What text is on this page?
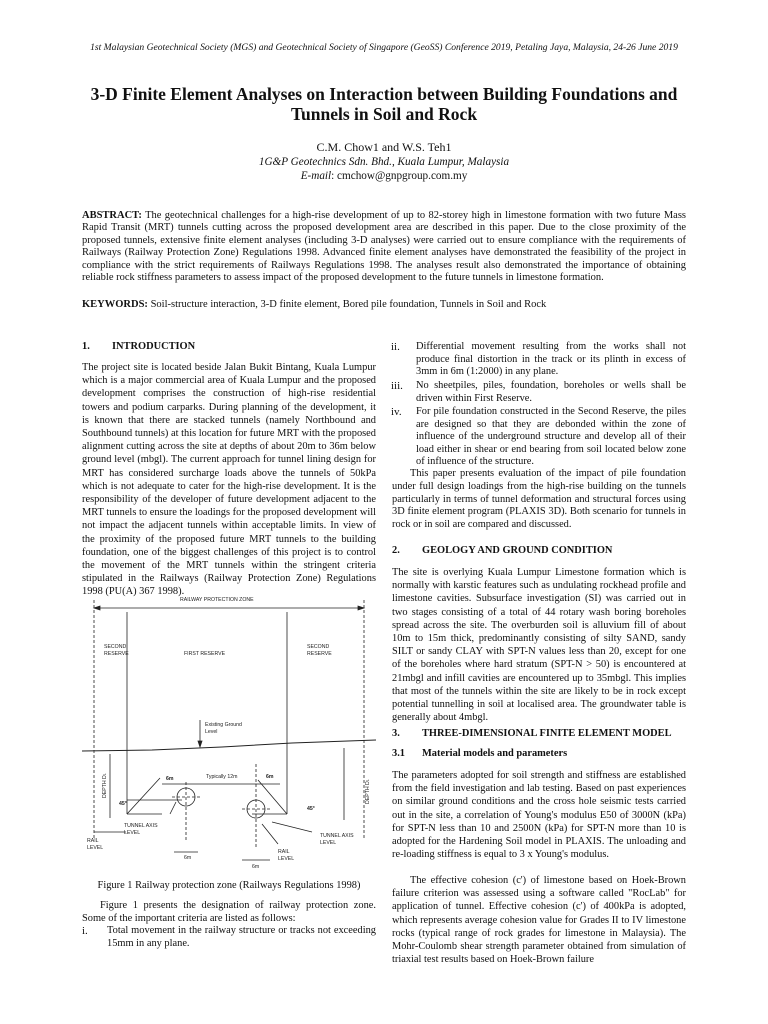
1st Malaysian Geotechnical Society (MGS) and Geotechnical Society of Singapore (GeoSS) Conference 2019, Petaling Jaya, Malaysia, 24-26 June 2019
3-D Finite Element Analyses on Interaction between Building Foundations and Tunnels in Soil and Rock
C.M. Chow1 and W.S. Teh1
1G&P Geotechnics Sdn. Bhd., Kuala Lumpur, Malaysia
E-mail: cmchow@gnpgroup.com.my
ABSTRACT: The geotechnical challenges for a high-rise development of up to 82-storey high in limestone formation with two future Mass Rapid Transit (MRT) tunnels cutting across the proposed development area are described in this paper. Due to the close proximity of the proposed tunnels, extensive finite element analyses (including 3-D analyses) were carried out to ensure compliance with the requirements of Railways (Railway Protection Zone) Regulations 1998. Advanced finite element analyses have demonstrated the feasibility of the project in compliance with the strict requirements of Railways Regulations 1998. The analyses result also demonstrated the importance of obtaining reliable rock stiffness parameters to assess impact of the proposed development to the future tunnels in limestone formation.
KEYWORDS: Soil-structure interaction, 3-D finite element, Bored pile foundation, Tunnels in Soil and Rock
1. INTRODUCTION
The project site is located beside Jalan Bukit Bintang, Kuala Lumpur which is a major commercial area of Kuala Lumpur and the proposed development comprises the construction of high-rise residential towers and podium carparks. During planning of the development, it is known that there are stacked tunnels (namely Northbound and Southbound tunnels) at this location for future MRT with the proposed alignment cutting across the site at depths of about 20m to 36m below ground level (mbgl). The current approach for tunnel lining design for MRT has considered surcharge loads above the tunnels of 50kPa which is not adequate to cater for the high-rise development. It is the responsibility of the developer of future development adjacent to the MRT tunnels to ensure the loadings for the proposed development will not impact the adjacent tunnels within acceptable limits. In view of the proximity of the proposed future MRT tunnels to the building foundation, one of the biggest challenges of this project is to control the movement of the MRT tunnels within the stringent criteria stipulated in the Railways (Railway Protection Zone) Regulations 1998 (PU(A) 367 1998).
RAILWAY PROTECTION ZONE
SECOND
RESERVE	FIRST RESERVE
SECOND
RESERVE
Existing Ground
Level
Typically 12m
6m	6m
45°
45°
DEPTH D1
DEPTH D1
TUNNEL AXIS
LEVEL	TUNNEL AXIS
LEVEL
RAIL
LEVEL
RAIL
LEVEL
6m
6m
Figure 1 Railway protection zone (Railways Regulations 1998)
Figure 1 presents the designation of railway protection zone. Some of the important criteria are listed as follows:
i. Total movement in the railway structure or tracks not exceeding 15mm in any plane.
ii. Differential movement resulting from the works shall not produce final distortion in the track or its plinth in excess of 3mm in 6m (1:2000) in any plane.
iii. No sheetpiles, piles, foundation, boreholes or wells shall be driven within First Reserve.
iv. For pile foundation constructed in the Second Reserve, the piles are designed so that they are debonded within the zone of influence of the underground structure and develop all of their load either in shear or end bearing from soil located below zone of influence of the structure.
This paper presents evaluation of the impact of pile foundation under full design loadings from the high-rise building on the tunnels particularly in terms of tunnel deformation and structural forces using 3D finite element program (PLAXIS 3D). Both scenario for tunnels in rock or in soil are compared and discussed.
2. GEOLOGY AND GROUND CONDITION
The site is overlying Kuala Lumpur Limestone formation which is normally with karstic features such as undulating rockhead profile and limestone cavities. Subsurface investigation (SI) was carried out in two stages consisting of a total of 44 rotary wash boring boreholes spread across the site. The overburden soil is alluvium fill of about 10m to 15m thick, predominantly consisting of silty SAND, sandy SILT or sandy CLAY with SPT-N values less than 20, except for one of the boreholes where hard stratum (SPT-N > 50) is encountered at 21mbgl and infill cavities are encountered up to 35mbgl. This implies that most of the tunnels within the site are likely to be in rock except potential tunnelling in soil at localised area. The groundwater table is generally about 4mbgl.
3. THREE-DIMENSIONAL FINITE ELEMENT MODEL
3.1 Material models and parameters
The parameters adopted for soil strength and stiffness are established from the field investigation and lab testing. Based on past experiences on similar ground conditions and the cross hole seismic tests carried out in the site, a correlation of Young's modulus E50 of 3000N (kPa) for SPT-N less than 10 and 2500N (kPa) for SPT-N more than 10 is adopted for the Hardening Soil model in PLAXIS. The unloading and re-loading stiffness is equal to 3 x Young's modulus.
The effective cohesion (c') of limestone based on Hoek-Brown failure criterion was assessed using a software called "RocLab" for application of tunnel. Effective cohesion (c') of 400kPa is adopted, which represents average cohesion value for Grades II to IV limestone rocks (typical range of rock grades for limestone in Malaysia). The Mohr-Coulomb shear strength parameter obtained from simulation of triaxial test results based on Hoek-Brown failure
